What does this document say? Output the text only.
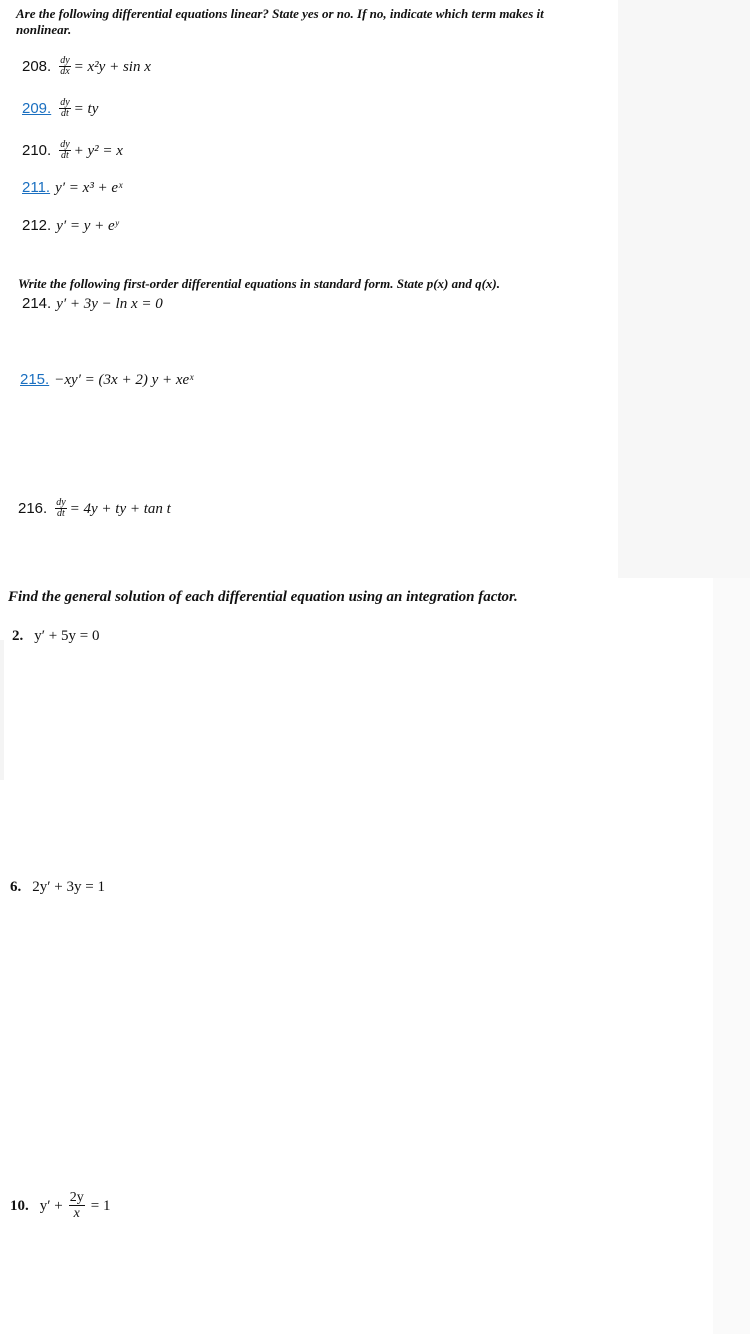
Are the following differential equations linear? State yes or no. If no, indicate which term makes it nonlinear.
208. $\frac{dy}{dx} = x^2y + \sin x$
209. $\frac{dy}{dt}$ = ty
210. $\frac{dy}{dt} + y^2 = x$
211. y′ = x³ + eˣ
212. y′ = y + eʸ
Write the following first-order differential equations in standard form. State p(x) and q(x).
214. y′ + 3y − ln x = 0
215. −xy′ = (3x + 2) y + xeˣ
216. $\frac{dy}{dt} = 4y$ + ty + tan t
Find the general solution of each differential equation using an integration factor.
2. y′ + 5y = 0
6. 2y′ + 3y = 1
10. $y' + \frac{2y}{x} = 1$
